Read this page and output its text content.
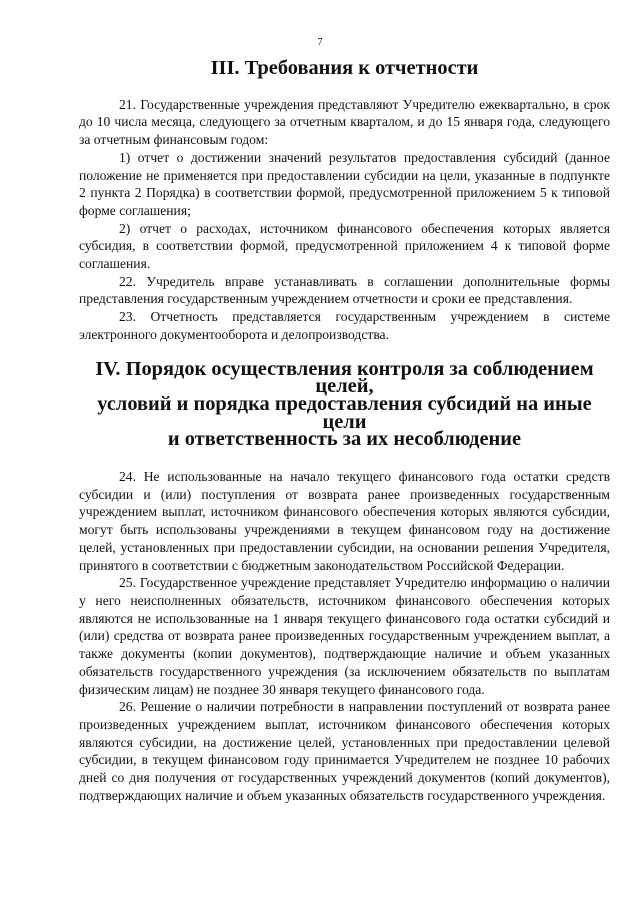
7
III. Требования к отчетности

21. Государственные учреждения представляют Учредителю ежеквартально, в срок до 10 числа месяца, следующего за отчетным кварталом, и до 15 января года, следующего за отчетным финансовым годом:

1) отчет о достижении значений результатов предоставления субсидий (данное положение не применяется при предоставлении субсидии на цели, указанные в подпункте 2 пункта 2 Порядка) в соответствии формой, предусмотренной приложением 5 к типовой форме соглашения;

2) отчет о расходах, источником финансового обеспечения которых является субсидия, в соответствии формой, предусмотренной приложением 4 к типовой форме соглашения.

22. Учредитель вправе устанавливать в соглашении дополнительные формы представления государственным учреждением отчетности и сроки ее представления.

23. Отчетность представляется государственным учреждением в системе электронного документооборота и делопроизводства.

IV. Порядок осуществления контроля за соблюдением целей,
условий и порядка предоставления субсидий на иные цели
и ответственность за их несоблюдение

24. Не использованные на начало текущего финансового года остатки средств субсидии и (или) поступления от возврата ранее произведенных государственным учреждением выплат, источником финансового обеспечения которых являются субсидии, могут быть использованы учреждениями в текущем финансовом году на достижение целей, установленных при предоставлении субсидии, на основании решения Учредителя, принятого в соответствии с бюджетным законодательством Российской Федерации.

25. Государственное учреждение представляет Учредителю информацию о наличии у него неисполненных обязательств, источником финансового обеспечения которых являются не использованные на 1 января текущего финансового года остатки субсидий и (или) средства от возврата ранее произведенных государственным учреждением выплат, а также документы (копии документов), подтверждающие наличие и объем указанных обязательств государственного учреждения (за исключением обязательств по выплатам физическим лицам) не позднее 30 января текущего финансового года.

26. Решение о наличии потребности в направлении поступлений от возврата ранее произведенных учреждением выплат, источником финансового обеспечения которых являются субсидии, на достижение целей, установленных при предоставлении целевой субсидии, в текущем финансовом году принимается Учредителем не позднее 10 рабочих дней со дня получения от государственных учреждений документов (копий документов), подтверждающих наличие и объем указанных обязательств государственного учреждения.
